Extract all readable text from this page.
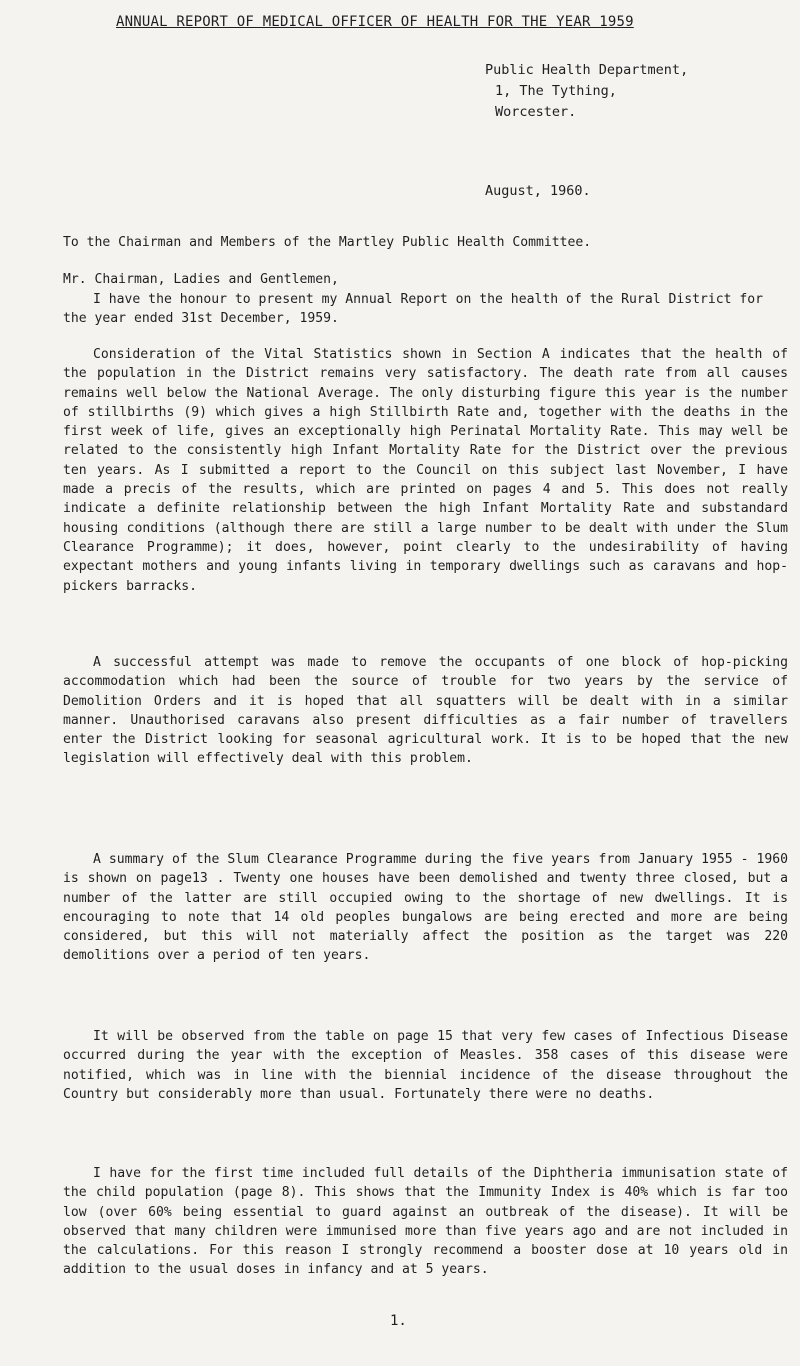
ANNUAL REPORT OF MEDICAL OFFICER OF HEALTH FOR THE YEAR 1959
Public Health Department,
1, The Tything,
Worcester.
August, 1960.
To the Chairman and Members of the Martley Public Health Committee.
Mr. Chairman, Ladies and Gentlemen,

I have the honour to present my Annual Report on the health of the Rural District for the year ended 31st December, 1959.

Consideration of the Vital Statistics shown in Section A indicates that the health of the population in the District remains very satisfactory. The death rate from all causes remains well below the National Average. The only disturbing figure this year is the number of stillbirths (9) which gives a high Stillbirth Rate and, together with the deaths in the first week of life, gives an exceptionally high Perinatal Mortality Rate. This may well be related to the consistently high Infant Mortality Rate for the District over the previous ten years. As I submitted a report to the Council on this subject last November, I have made a precis of the results, which are printed on pages 4 and 5. This does not really indicate a definite relationship between the high Infant Mortality Rate and substandard housing conditions (although there are still a large number to be dealt with under the Slum Clearance Programme); it does, however, point clearly to the undesirability of having expectant mothers and young infants living in temporary dwellings such as caravans and hop-pickers barracks.

A successful attempt was made to remove the occupants of one block of hop-picking accommodation which had been the source of trouble for two years by the service of Demolition Orders and it is hoped that all squatters will be dealt with in a similar manner. Unauthorised caravans also present difficulties as a fair number of travellers enter the District looking for seasonal agricultural work. It is to be hoped that the new legislation will effectively deal with this problem.

A summary of the Slum Clearance Programme during the five years from January 1955 - 1960 is shown on page13 . Twenty one houses have been demolished and twenty three closed, but a number of the latter are still occupied owing to the shortage of new dwellings. It is encouraging to note that 14 old peoples bungalows are being erected and more are being considered, but this will not materially affect the position as the target was 220 demolitions over a period of ten years.

It will be observed from the table on page 15 that very few cases of Infectious Disease occurred during the year with the exception of Measles. 358 cases of this disease were notified, which was in line with the biennial incidence of the disease throughout the Country but considerably more than usual. Fortunately there were no deaths.

I have for the first time included full details of the Diphtheria immunisation state of the child population (page 8). This shows that the Immunity Index is 40% which is far too low (over 60% being essential to guard against an outbreak of the disease). It will be observed that many children were immunised more than five years ago and are not included in the calculations. For this reason I strongly recommend a booster dose at 10 years old in addition to the usual doses in infancy and at 5 years.

1.
